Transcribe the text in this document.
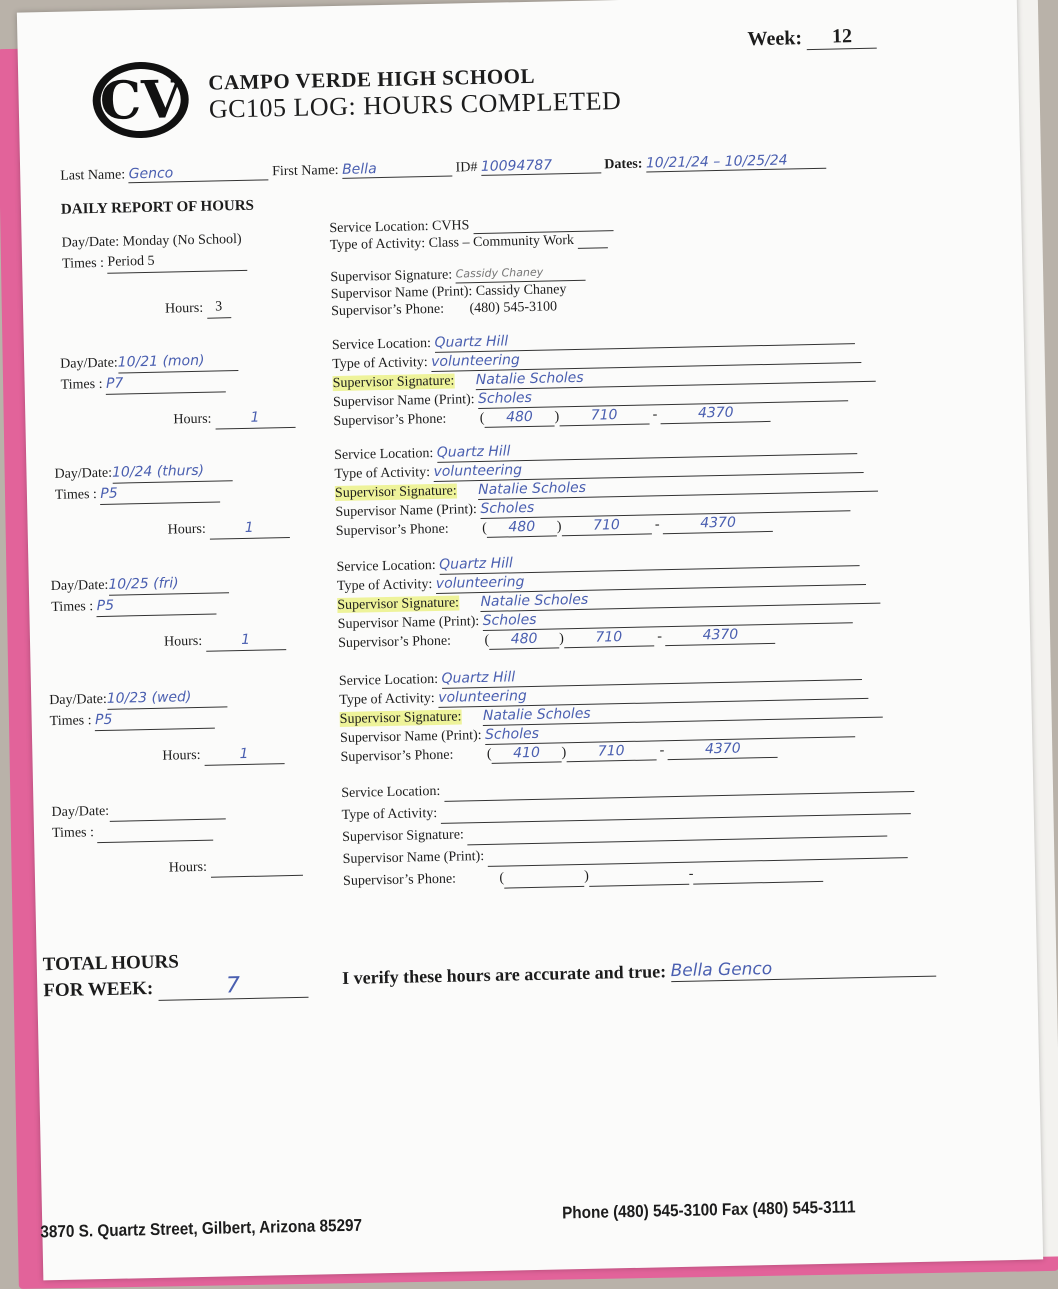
CV CAMPO VERDE HIGH SCHOOL
GC105 LOG: HOURS COMPLETED
Week: 12
Last Name: Genco	First Name: Bella	ID# 10094787	Dates: 10/21/24 – 10/25/24
DAILY REPORT OF HOURS
Day/Date: Monday (No School)
Times : Period 5
Hours: 3
Service Location: CVHS
Type of Activity: Class – Community Work
Supervisor Signature: Cassidy Chaney
Supervisor Name (Print): Cassidy Chaney
Supervisor’s Phone: (480) 545-3100
Day/Date:10/21 (mon)
Times : P7
Hours:	1
Service Location: Quartz Hill
Type of Activity: volunteering
Supervisor Signature: Natalie Scholes
Supervisor Name (Print): Scholes
Supervisor’s Phone: ( 480 ) 710 -	4370
Day/Date:10/24 (thurs)
Times : P5
Hours:	1
Service Location: Quartz Hill
Type of Activity: volunteering
Supervisor Signature: Natalie Scholes
Supervisor Name (Print): Scholes
Supervisor’s Phone: ( 480 ) 710 -	4370
Day/Date:10/25 (fri)
Times : P5
Hours:	1
Service Location: Quartz Hill
Type of Activity: volunteering
Supervisor Signature: Natalie Scholes
Supervisor Name (Print): Scholes
Supervisor’s Phone: ( 480 ) 710 -	4370
Day/Date:10/23 (wed)
Times : P5
Hours:	1
Service Location: Quartz Hill
Type of Activity: volunteering
Supervisor Signature: Natalie Scholes
Supervisor Name (Print): Scholes
Supervisor’s Phone: ( 410 ) 710 -	4370
Day/Date:
Times :
Hours:
Service Location:
Type of Activity:
Supervisor Signature:
Supervisor Name (Print):
Supervisor’s Phone:	(	)	-
TOTAL HOURS
FOR WEEK:	7	I verify these hours are accurate and true: Bella Genco
3870 S. Quartz Street, Gilbert, Arizona 85297
Phone (480) 545-3100 Fax (480) 545-3111
